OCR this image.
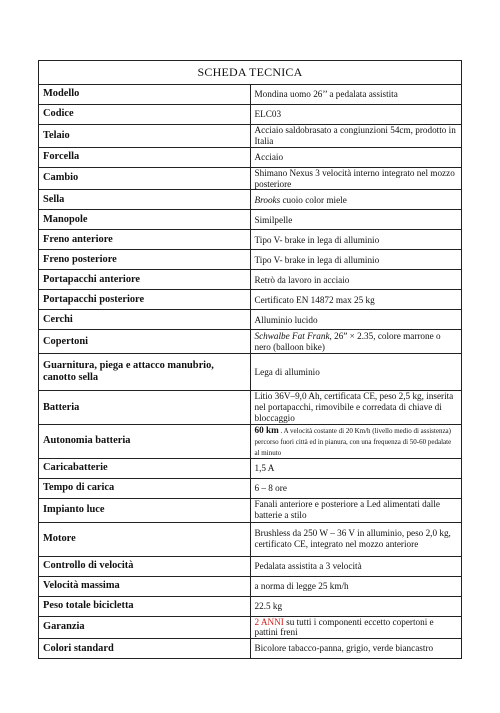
SCHEDA TECNICA	
Modello	Mondina uomo 26’’ a pedalata assistita
Codice	ELC03
Telaio	Acciaio saldobrasato a congiunzioni 54cm, prodotto in Italia
Forcella	Acciaio
Cambio	Shimano Nexus 3 velocità interno integrato nel mozzo posteriore
Sella	Brooks cuoio color miele
Manopole	Similpelle
Freno anteriore	Tipo V- brake in lega di alluminio
Freno posteriore	Tipo V- brake in lega di alluminio
Portapacchi anteriore	Retrò da lavoro in acciaio
Portapacchi posteriore	Certificato EN 14872 max 25 kg
Cerchi	Alluminio lucido
Copertoni	Schwalbe Fat Frank, 26” × 2.35, colore marrone o nero (balloon bike)
Guarnitura, piega e attacco manubrio, canotto sella	Lega di alluminio
Batteria	Litio 36V–9,0 Ah, certificata CE, peso 2,5 kg, inserita nel portapacchi, rimovibile e corredata di chiave di bloccaggio
Autonomia batteria	60 km . A velocità costante di 20 Km/h (livello medio di assistenza) percorso fuori città ed in pianura, con una frequenza di 50-60 pedalate al minuto
Caricabatterie	1,5 A
Tempo di carica	6 – 8 ore
Impianto luce	Fanali anteriore e posteriore a Led alimentati dalle batterie a stilo
Motore	Brushless da 250 W – 36 V in alluminio, peso 2,0 kg, certificato CE, integrato nel mozzo anteriore
Controllo di velocità	Pedalata assistita a 3 velocità
Velocità massima	a norma di legge 25 km/h
Peso totale bicicletta	22.5 kg
Garanzia	2 ANNI su tutti i componenti eccetto copertoni e pattini freni
Colori standard	Bicolore tabacco-panna, grigio, verde biancastro
